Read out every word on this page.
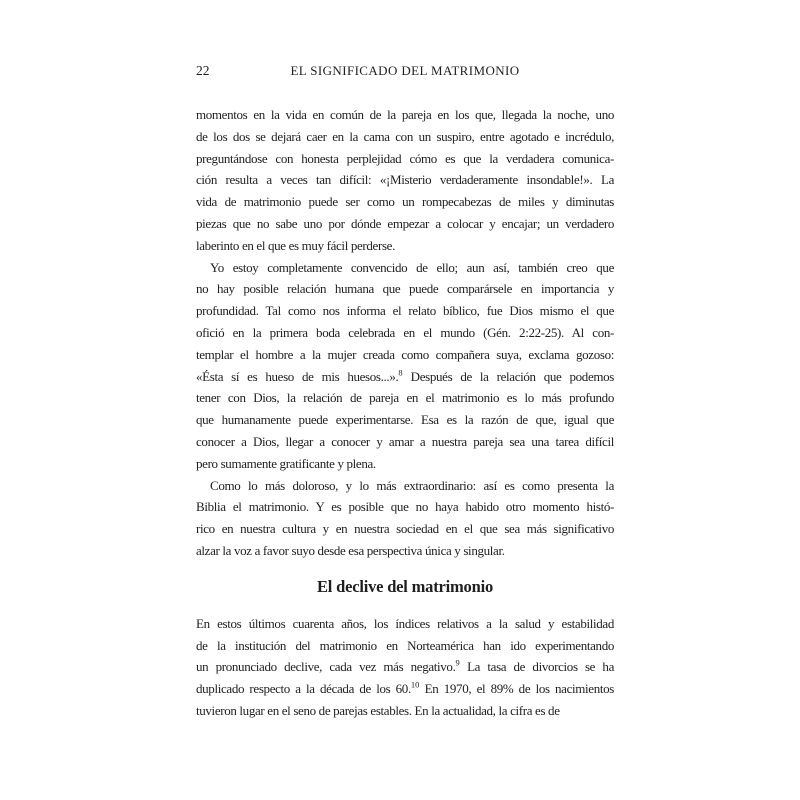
22	EL SIGNIFICADO DEL MATRIMONIO
momentos en la vida en común de la pareja en los que, llegada la noche, uno
de los dos se dejará caer en la cama con un suspiro, entre agotado e incrédulo,
preguntándose con honesta perplejidad cómo es que la verdadera comunica-
ción resulta a veces tan difícil: «¡Misterio verdaderamente insondable!». La
vida de matrimonio puede ser como un rompecabezas de miles y diminutas
piezas que no sabe uno por dónde empezar a colocar y encajar; un verdadero
laberinto en el que es muy fácil perderse.
Yo estoy completamente convencido de ello; aun así, también creo que
no hay posible relación humana que puede comparársele en importancia y
profundidad. Tal como nos informa el relato bíblico, fue Dios mismo el que
ofició en la primera boda celebrada en el mundo (Gén. 2:22-25). Al con-
templar el hombre a la mujer creada como compañera suya, exclama gozoso:
«Ésta sí es hueso de mis huesos...».$^8$ Después de la relación que podemos
tener con Dios, la relación de pareja en el matrimonio es lo más profundo
que humanamente puede experimentarse. Esa es la razón de que, igual que
conocer a Dios, llegar a conocer y amar a nuestra pareja sea una tarea difícil
pero sumamente gratificante y plena.
Como lo más doloroso, y lo más extraordinario: así es como presenta la
Biblia el matrimonio. Y es posible que no haya habido otro momento histó-
rico en nuestra cultura y en nuestra sociedad en el que sea más significativo
alzar la voz a favor suyo desde esa perspectiva única y singular.
El declive del matrimonio
En estos últimos cuarenta años, los índices relativos a la salud y estabilidad
de la institución del matrimonio en Norteamérica han ido experimentando
un pronunciado declive, cada vez más negativo.$^9$ La tasa de divorcios se ha
duplicado respecto a la década de los 60.10 En 1970, el 89% de los nacimientos
tuvieron lugar en el seno de parejas estables. En la actualidad, la cifra es de
